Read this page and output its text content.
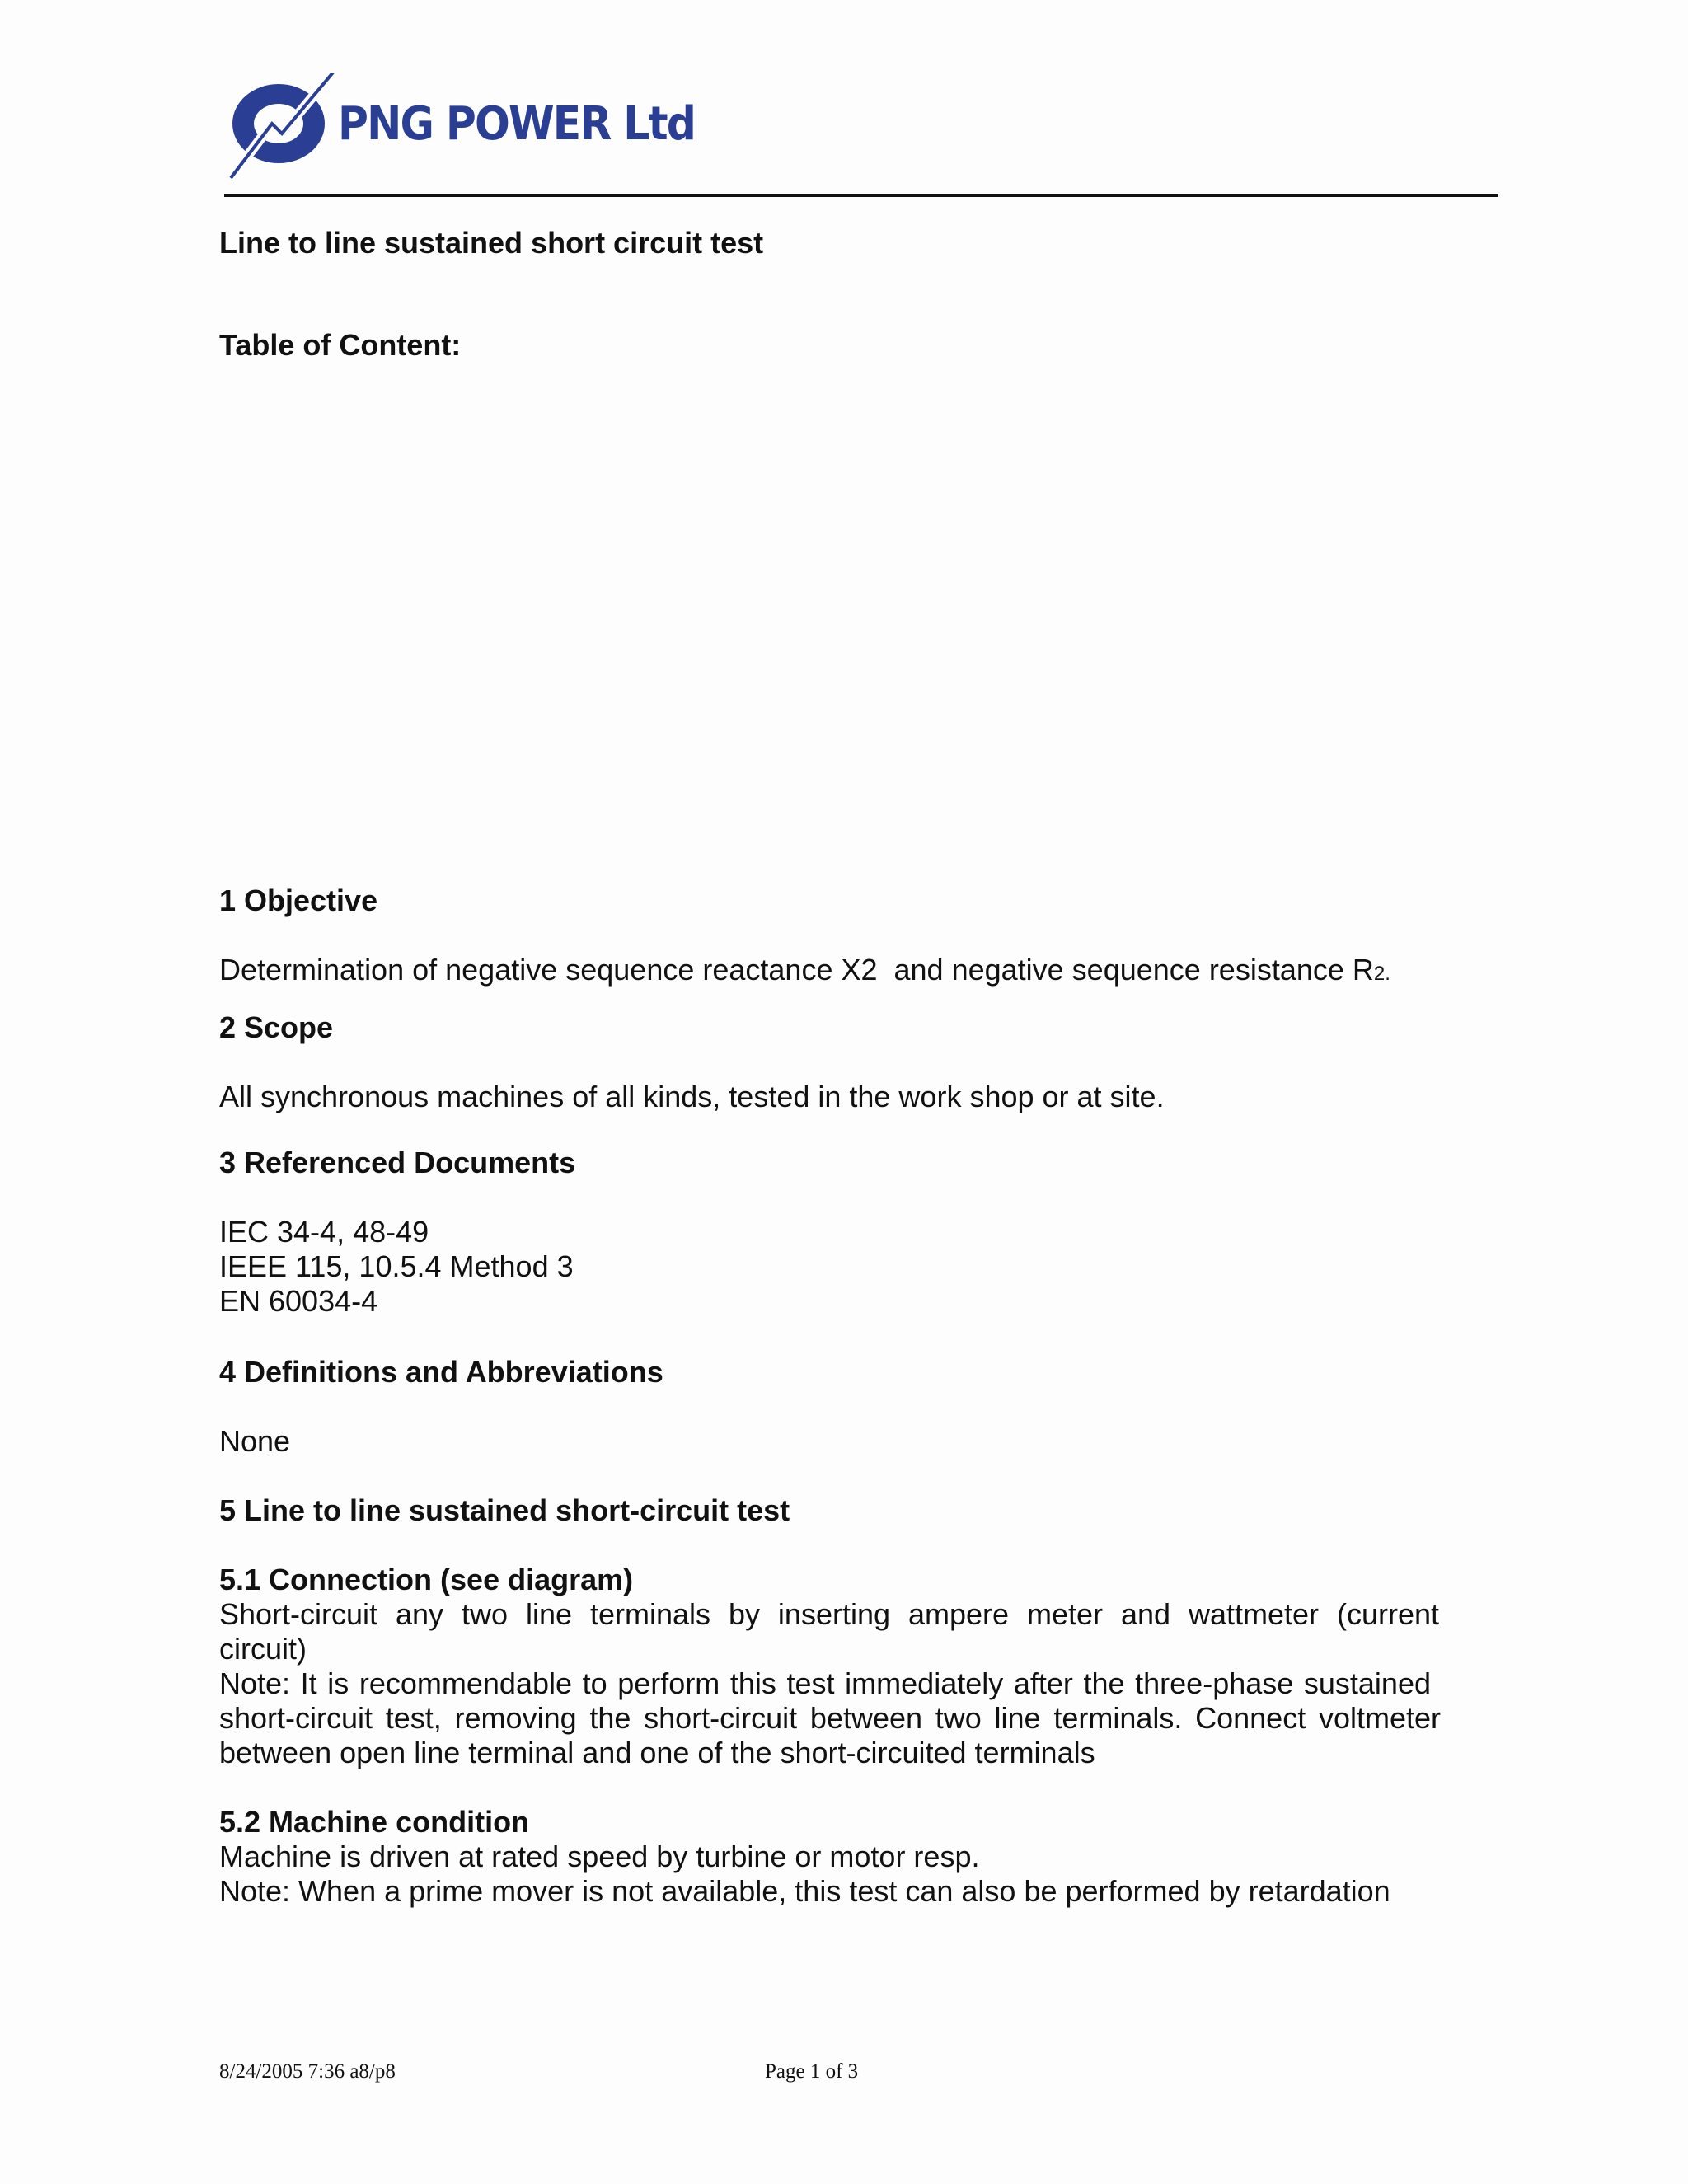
PNG POWER Ltd
Line to line sustained short circuit test
Table of Content:
1 Objective
Determination of negative sequence reactance X2  and negative sequence resistance R2.
2 Scope
All synchronous machines of all kinds, tested in the work shop or at site.
3 Referenced Documents
IEC 34-4, 48-49
IEEE 115, 10.5.4 Method 3
EN 60034-4
4 Definitions and Abbreviations
None
5 Line to line sustained short-circuit test
5.1 Connection (see diagram)
Short-circuit any two line terminals by inserting ampere meter and wattmeter (current
circuit)
Note: It is recommendable to perform this test immediately after the three-phase sustained
short-circuit test, removing the short-circuit between two line terminals. Connect voltmeter
between open line terminal and one of the short-circuited terminals
5.2 Machine condition
Machine is driven at rated speed by turbine or motor resp.
Note: When a prime mover is not available, this test can also be performed by retardation
8/24/2005 7:36 a8/p8	Page 1 of 3
